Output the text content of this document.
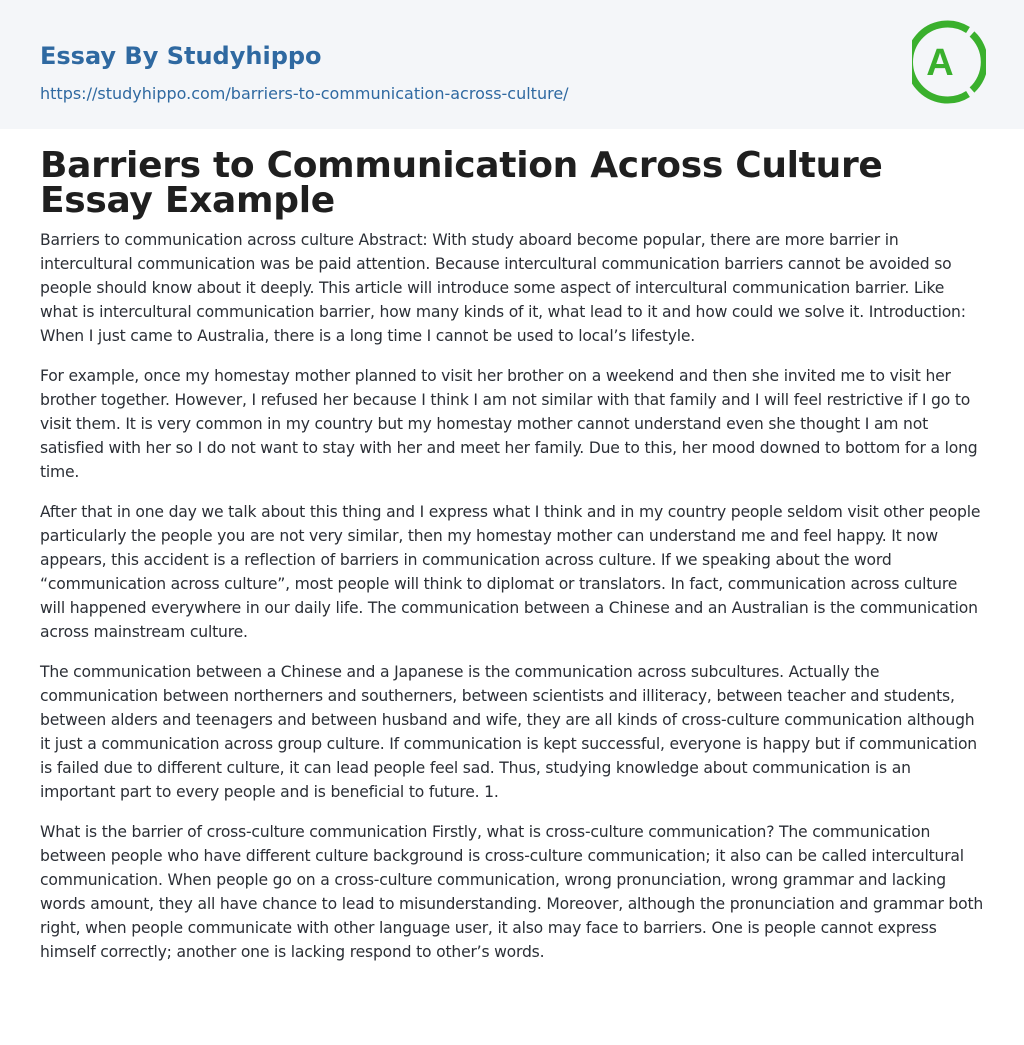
Essay By Studyhippo
https://studyhippo.com/barriers-to-communication-across-culture/
A
Barriers to Communication Across Culture Essay Example

Barriers to communication across culture Abstract: With study aboard become popular, there are more barrier in intercultural communication was be paid attention. Because intercultural communication barriers cannot be avoided so people should know about it deeply. This article will introduce some aspect of intercultural communication barrier. Like what is intercultural communication barrier, how many kinds of it, what lead to it and how could we solve it. Introduction: When I just came to Australia, there is a long time I cannot be used to local’s lifestyle.

For example, once my homestay mother planned to visit her brother on a weekend and then she invited me to visit her brother together. However, I refused her because I think I am not similar with that family and I will feel restrictive if I go to visit them. It is very common in my country but my homestay mother cannot understand even she thought I am not satisfied with her so I do not want to stay with her and meet her family. Due to this, her mood downed to bottom for a long time.

After that in one day we talk about this thing and I express what I think and in my country people seldom visit other people particularly the people you are not very similar, then my homestay mother can understand me and feel happy. It now appears, this accident is a reflection of barriers in communication across culture. If we speaking about the word “communication across culture”, most people will think to diplomat or translators. In fact, communication across culture will happened everywhere in our daily life. The communication between a Chinese and an Australian is the communication across mainstream culture.

The communication between a Chinese and a Japanese is the communication across subcultures. Actually the communication between northerners and southerners, between scientists and illiteracy, between teacher and students, between alders and teenagers and between husband and wife, they are all kinds of cross-culture communication although it just a communication across group culture. If communication is kept successful, everyone is happy but if communication is failed due to different culture, it can lead people feel sad. Thus, studying knowledge about communication is an important part to every people and is beneficial to future. 1.

What is the barrier of cross-culture communication Firstly, what is cross-culture communication? The communication between people who have different culture background is cross-culture communication; it also can be called intercultural communication. When people go on a cross-culture communication, wrong pronunciation, wrong grammar and lacking words amount, they all have chance to lead to misunderstanding. Moreover, although the pronunciation and grammar both right, when people communicate with other language user, it also may face to barriers. One is people cannot express himself correctly; another one is lacking respond to other’s words.
